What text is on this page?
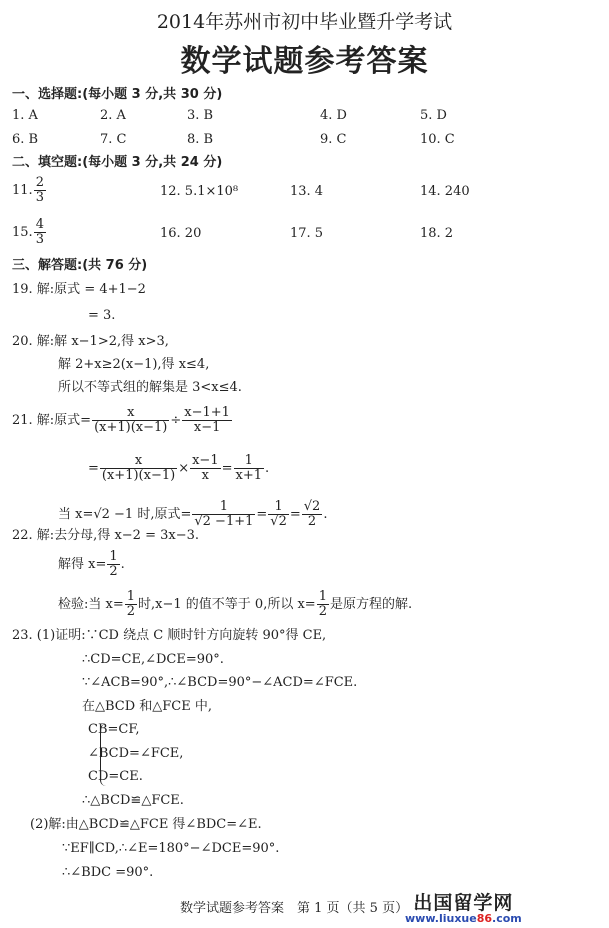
2014年苏州市初中毕业暨升学考试
数学试题参考答案
一、选择题:(每小题 3 分,共 30 分)
1. A	2. A	3. B	4. D	5. D
6. B	7. C	8. B	9. C	10. C
二、填空题:(每小题 3 分,共 24 分)
11. $\frac{2}{3}$	12. 5.1×10⁸	13. 4	14. 240
15. $\frac{4}{3}$	16. 20	17. 5	18. 2
三、解答题:(共 76 分)
19. 解:原式 = 4+1−2
= 3.
20. 解:解 x−1>2,得 x>3,
解 2+x≥2(x−1),得 x≤4,
所以不等式组的解集是 3<x≤4.
21. 解:原式= $\frac{x}{(x+1)(x-1)} \div \frac{x-1+1}{x-1}$
= $\frac{x}{(x+1)(x-1)} \times \frac{x-1}{x} = \frac{1}{x+1}$ .
当 x=√2 −1 时,原式= $\frac{1}{√2 -1+1} = \frac{1}{√2} = \frac{√2}{2}$ .
22. 解:去分母,得 x−2 = 3x−3.
解得 $x= \frac{1}{2}$ .
检验:当 $x= \frac{1}{2}$ 时,x−1 的值不等于 0,所以 $x= \frac{1}{2}$ 是原方程的解.
23. (1)证明:∵CD 绕点 C 顺时针方向旋转 90°得 CE,
∴CD=CE,∠DCE=90°.
∵∠ACB=90°,∴∠BCD=90°−∠ACD=∠FCE.
在△BCD 和△FCE 中,
CB=CF,
∠BCD=∠FCE,
CD=CE.
∴△BCD≌△FCE.
(2)解:由△BCD≌△FCE 得∠BDC=∠E.
∵EF∥CD,∴∠E=180°−∠DCE=90°.
∴∠BDC =90°.
数学试题参考答案　第 1 页（共 5 页） 出国留学网
www.liuxue86.com
